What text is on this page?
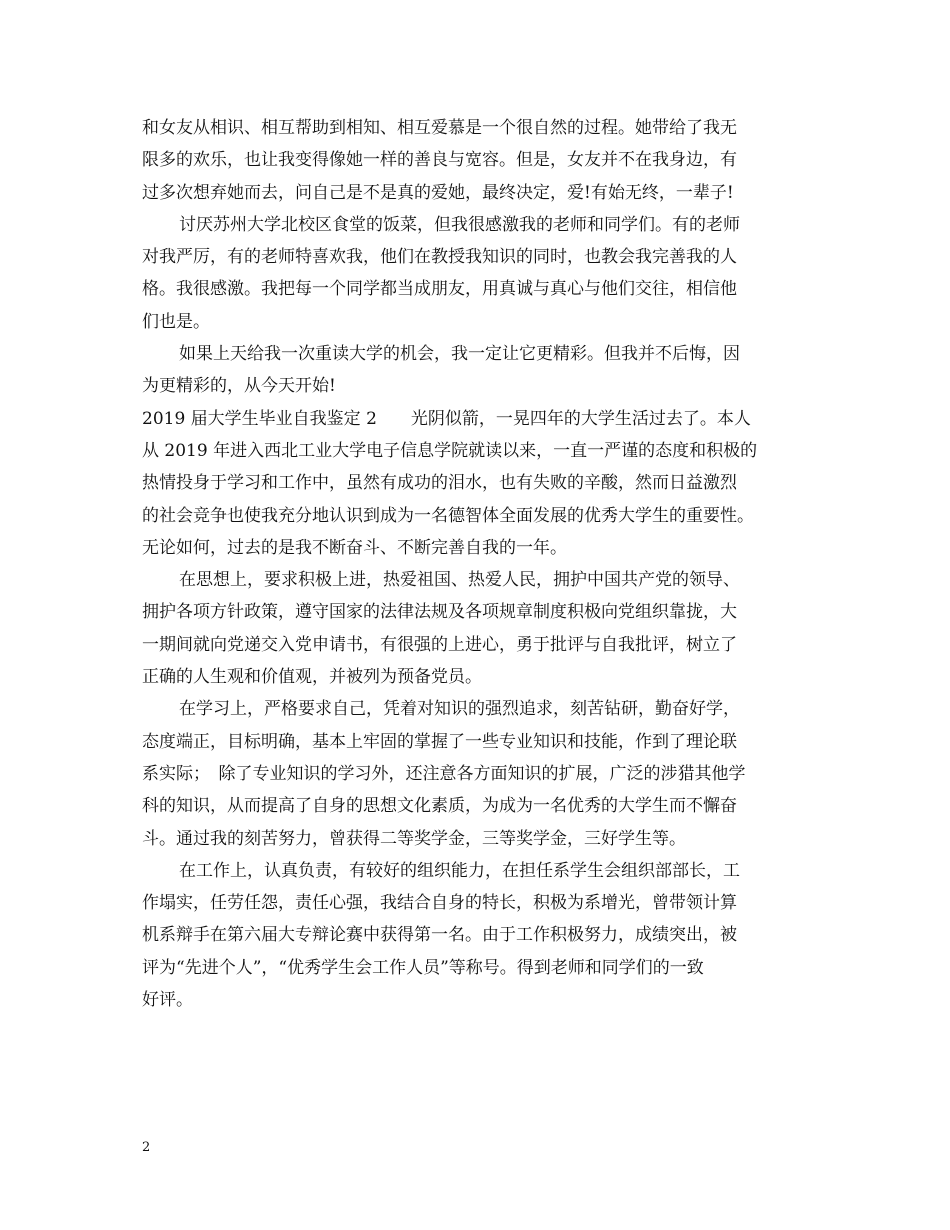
和女友从相识、相互帮助到相知、相互爱慕是一个很自然的过程。她带给了我无
限多的欢乐，也让我变得像她一样的善良与宽容。但是，女友并不在我身边，有
过多次想弃她而去，问自己是不是真的爱她，最终决定，爱!有始无终，一辈子!
讨厌苏州大学北校区食堂的饭菜，但我很感激我的老师和同学们。有的老师
对我严厉，有的老师特喜欢我，他们在教授我知识的同时，也教会我完善我的人
格。我很感激。我把每一个同学都当成朋友，用真诚与真心与他们交往，相信他
们也是。
如果上天给我一次重读大学的机会，我一定让它更精彩。但我并不后悔，因
为更精彩的，从今天开始!
2019 届大学生毕业自我鉴定 2　　光阴似箭，一晃四年的大学生活过去了。本人
从 2019 年进入西北工业大学电子信息学院就读以来，一直一严谨的态度和积极的
热情投身于学习和工作中，虽然有成功的泪水，也有失败的辛酸，然而日益激烈
的社会竞争也使我充分地认识到成为一名德智体全面发展的优秀大学生的重要性。
无论如何，过去的是我不断奋斗、不断完善自我的一年。
在思想上，要求积极上进，热爱祖国、热爱人民，拥护中国共产党的领导、
拥护各项方针政策，遵守国家的法律法规及各项规章制度积极向党组织靠拢，大
一期间就向党递交入党申请书，有很强的上进心，勇于批评与自我批评，树立了
正确的人生观和价值观，并被列为预备党员。
在学习上，严格要求自己，凭着对知识的强烈追求，刻苦钻研，勤奋好学，
态度端正，目标明确，基本上牢固的掌握了一些专业知识和技能，作到了理论联
系实际；　除了专业知识的学习外，还注意各方面知识的扩展，广泛的涉猎其他学
科的知识，从而提高了自身的思想文化素质，为成为一名优秀的大学生而不懈奋
斗。通过我的刻苦努力，曾获得二等奖学金，三等奖学金，三好学生等。
在工作上，认真负责，有较好的组织能力，在担任系学生会组织部部长，工
作塌实，任劳任怨，责任心强，我结合自身的特长，积极为系增光，曾带领计算
机系辩手在第六届大专辩论赛中获得第一名。由于工作积极努力，成绩突出，被
评为“先进个人”，“优秀学生会工作人员”等称号。得到老师和同学们的一致
好评。
2
